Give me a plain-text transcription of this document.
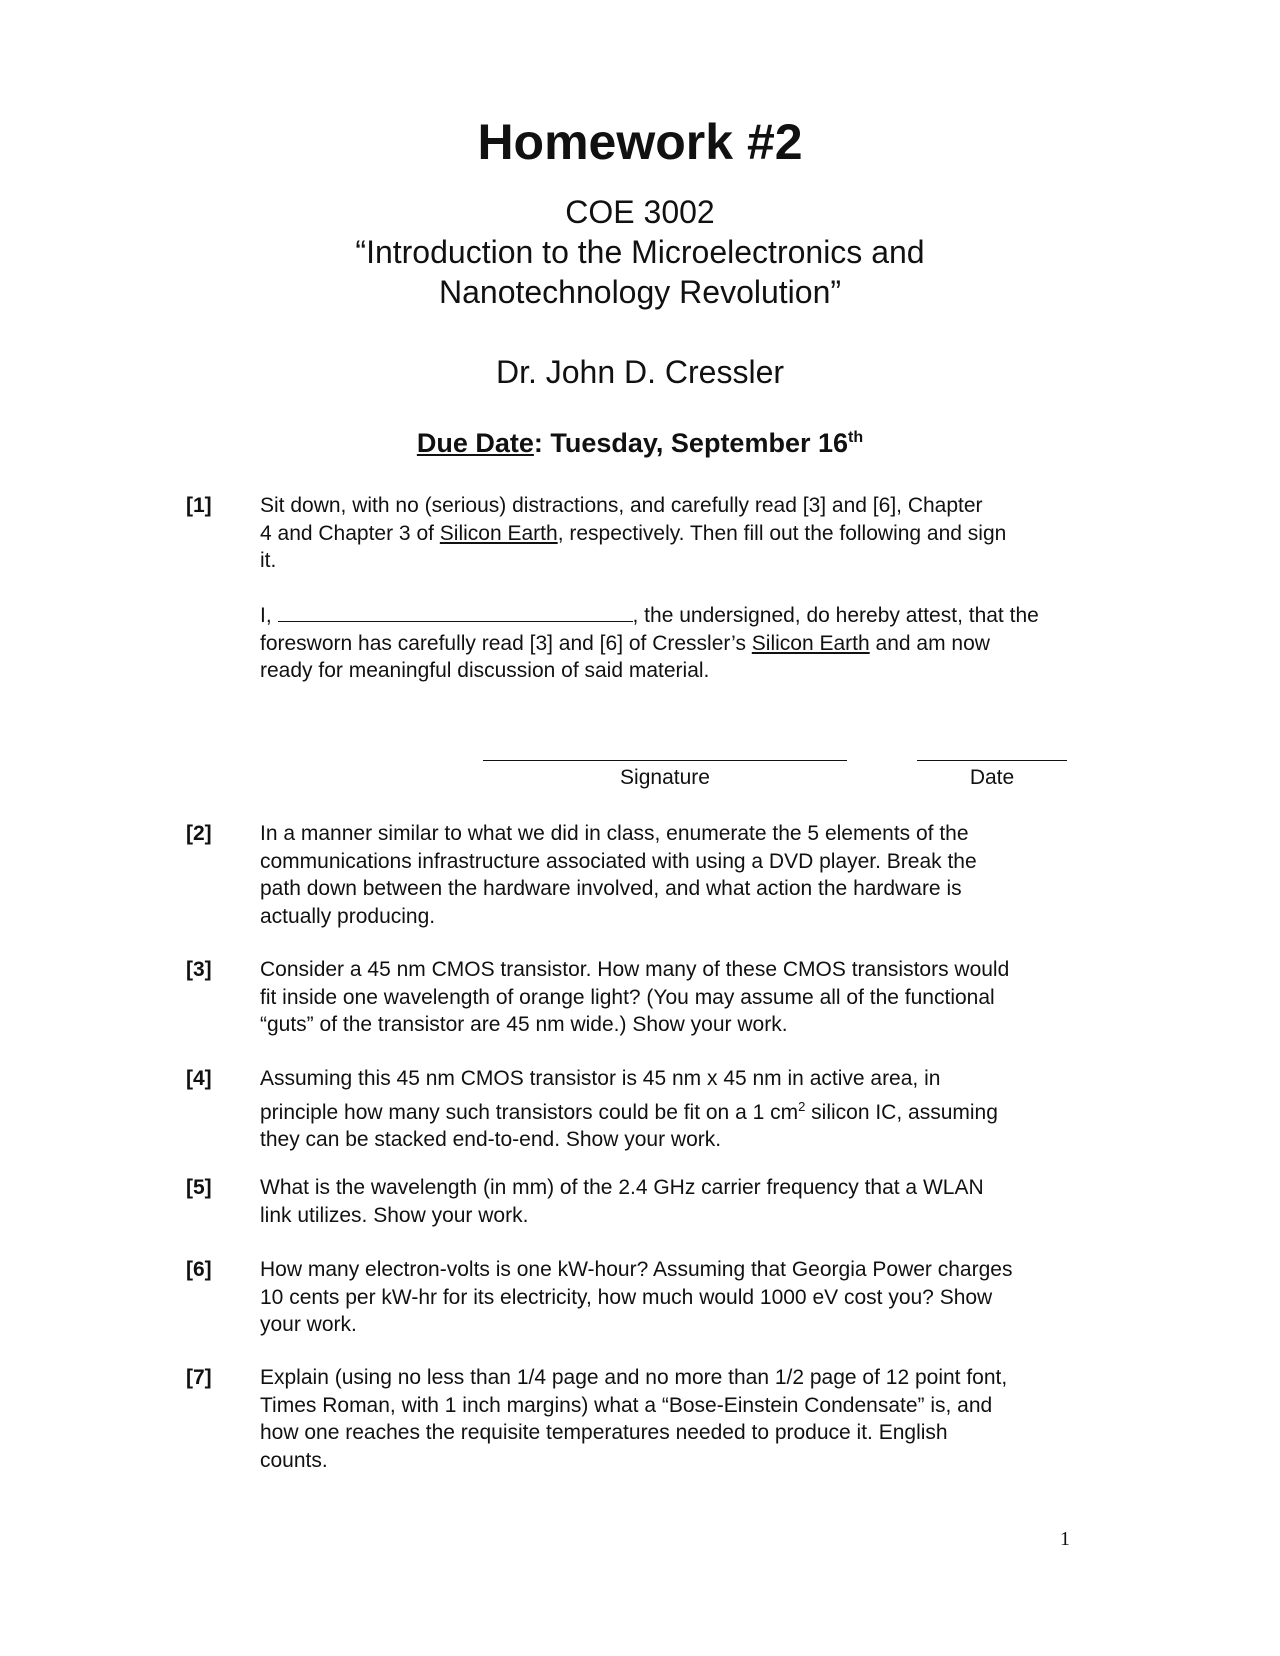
Homework #2
COE 3002
“Introduction to the Microelectronics and
Nanotechnology Revolution”
Dr. John D. Cressler
Due Date: Tuesday, September 16th
[1] Sit down, with no (serious) distractions, and carefully read [3] and [6], Chapter
4 and Chapter 3 of Silicon Earth, respectively. Then fill out the following and sign
it.
I,	, the undersigned, do hereby attest, that the
foresworn has carefully read [3] and [6] of Cressler’s Silicon Earth and am now
ready for meaningful discussion of said material.
Signature	Date
[2] In a manner similar to what we did in class, enumerate the 5 elements of the
communications infrastructure associated with using a DVD player. Break the
path down between the hardware involved, and what action the hardware is
actually producing.
[3] Consider a 45 nm CMOS transistor. How many of these CMOS transistors would
fit inside one wavelength of orange light? (You may assume all of the functional
“guts” of the transistor are 45 nm wide.) Show your work.
[4] Assuming this 45 nm CMOS transistor is 45 nm x 45 nm in active area, in
principle how many such transistors could be fit on a 1 $cm^2$ silicon IC, assuming
they can be stacked end-to-end. Show your work.
[5] What is the wavelength (in mm) of the 2.4 GHz carrier frequency that a WLAN
link utilizes. Show your work.
[6] How many electron-volts is one kW-hour? Assuming that Georgia Power charges
10 cents per kW-hr for its electricity, how much would 1000 eV cost you? Show
your work.
[7] Explain (using no less than 1/4 page and no more than 1/2 page of 12 point font,
Times Roman, with 1 inch margins) what a “Bose-Einstein Condensate” is, and
how one reaches the requisite temperatures needed to produce it. English
counts.
1
